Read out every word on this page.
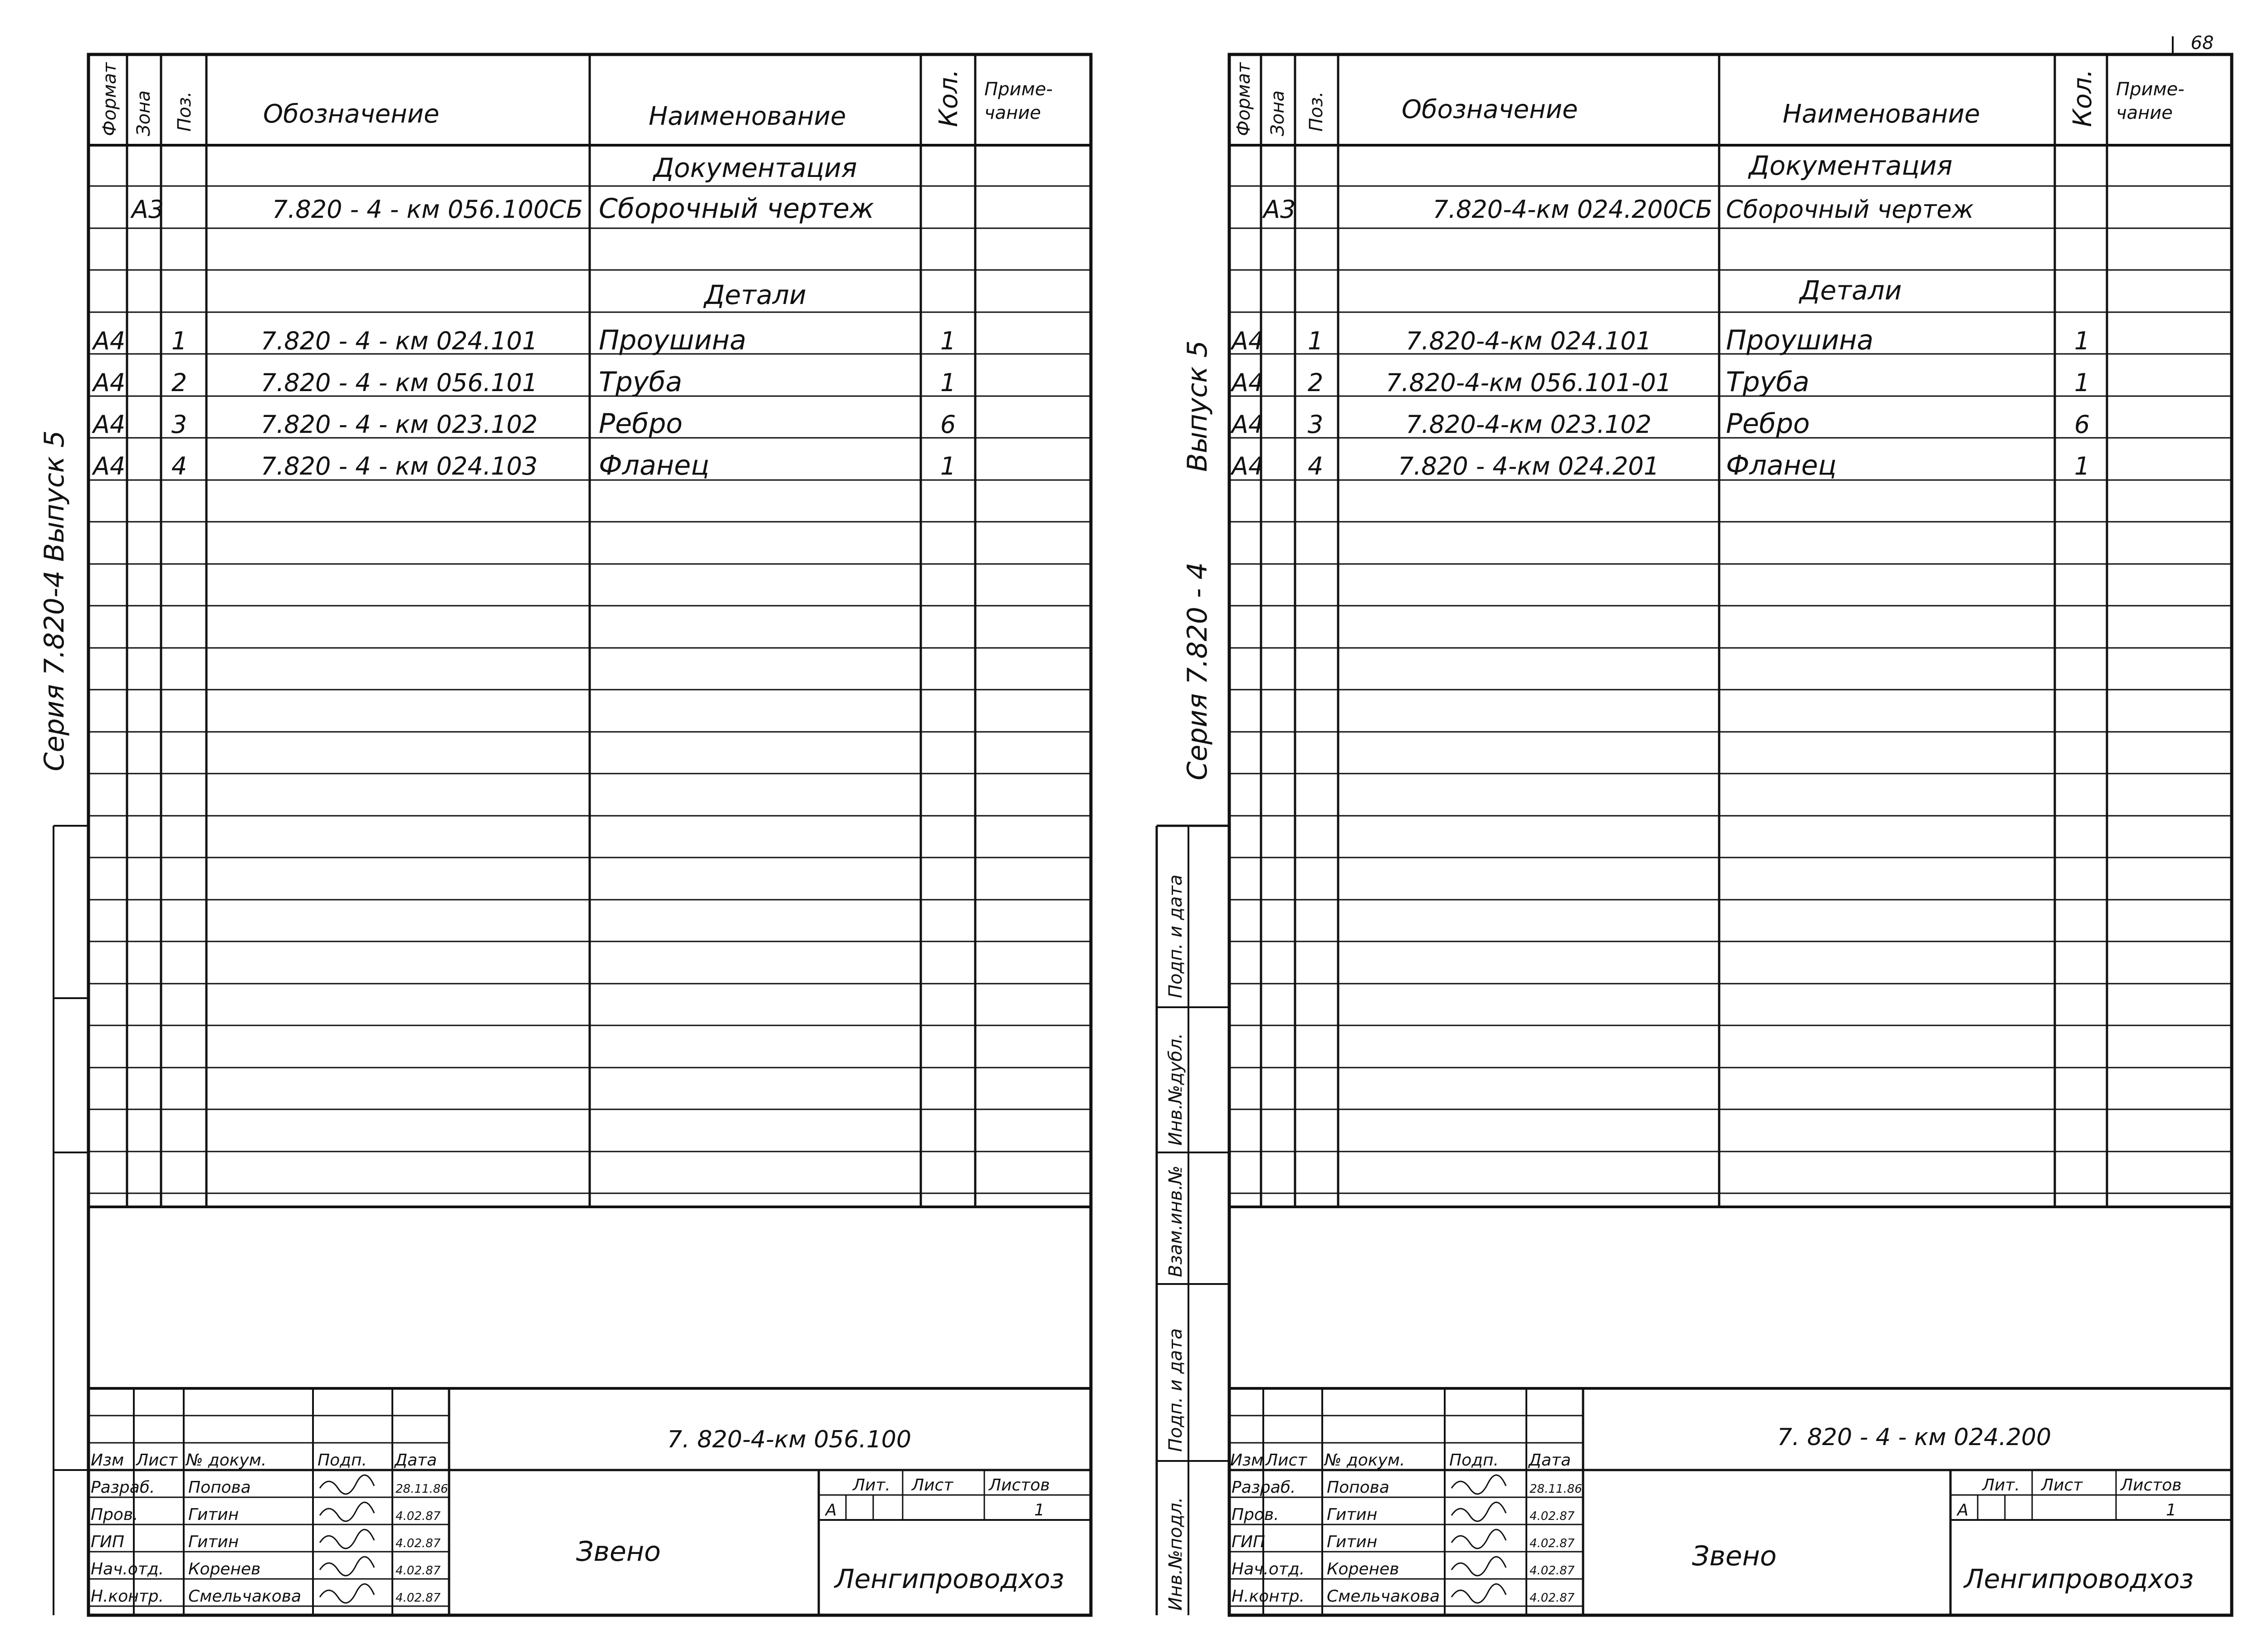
68
Формат Зона Поз.	Обозначение	Наименование	Кол. Приме-чание
Документация
А3	7.820 - 4 - км 056.100СБ Сборочный чертеж
Детали
А4 1	7.820 - 4 - км 024.101 Проушина	1
А4 2	7.820 - 4 - км 056.101 Труба	1
А4 3	7.820 - 4 - км 023.102 Ребро	6
А4 4	7.820 - 4 - км 024.103 Фланец	1
Серия 7.820-4 Выпуск 5
7. 820-4-км 056.100
Изм Лист № докум.	Подп. Дата
Разраб. Попова	28.11.86
Пров.	Гитин	4.02.87
ГИП	Гитин	4.02.87
Нач.отд. Коренев	4.02.87
Н.контр. Смельчакова	4.02.87
Звено
Лит. Лист Листов
А	1
Ленгипроводхоз
Формат Зона Поз.	Обозначение	Наименование	Кол. Приме-чание
Документация
А3	7.820-4-км 024.200СБ Сборочный чертеж
Детали
А4 1	7.820-4-км 024.101	Проушина	1
А4 2	7.820-4-км 056.101-01 Труба	1
А4 3	7.820-4-км 023.102	Ребро	6
А4 4	7.820 - 4-км 024.201 Фланец	1
Серия 7.820 - 4
Выпуск 5
Подп. и дата
Инв.№дубл.
Взам.инв.№
Подп. и дата
Инв.№подл.
7. 820 - 4 - км 024.200
Изм Лист № докум.	Подп. Дата
Разраб. Попова	28.11.86
Пров.	Гитин	4.02.87
ГИП	Гитин	4.02.87
Нач.отд. Коренев	4.02.87
Н.контр. Смельчакова	4.02.87
Звено
Лит. Лист Листов
А	1
Ленгипроводхоз
